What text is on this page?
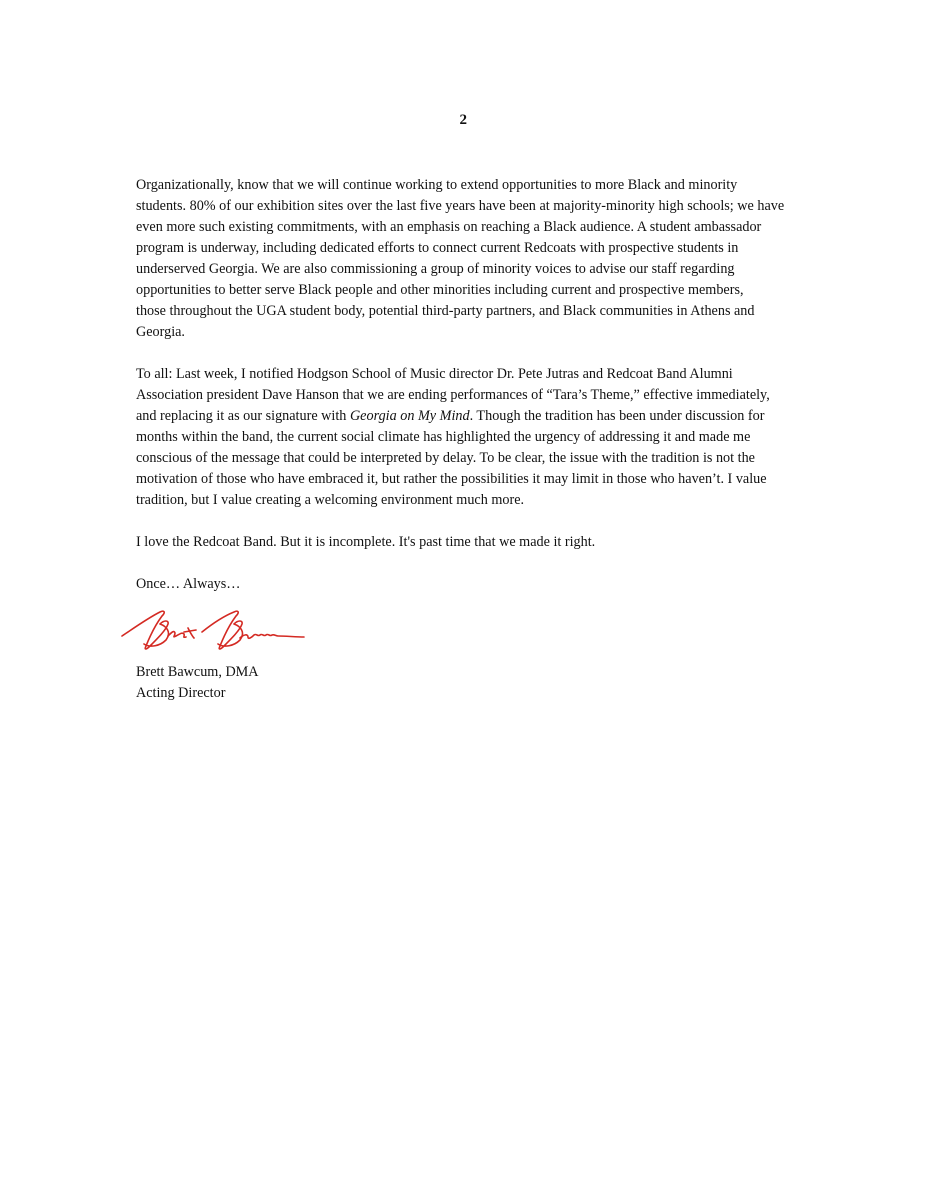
2

Organizationally, know that we will continue working to extend opportunities to more Black and minority
students. 80% of our exhibition sites over the last five years have been at majority-minority high schools; we have
even more such existing commitments, with an emphasis on reaching a Black audience. A student ambassador
program is underway, including dedicated efforts to connect current Redcoats with prospective students in
underserved Georgia. We are also commissioning a group of minority voices to advise our staff regarding
opportunities to better serve Black people and other minorities including current and prospective members,
those throughout the UGA student body, potential third-party partners, and Black communities in Athens and
Georgia.

To all: Last week, I notified Hodgson School of Music director Dr. Pete Jutras and Redcoat Band Alumni
Association president Dave Hanson that we are ending performances of “Tara’s Theme,” effective immediately,
and replacing it as our signature with Georgia on My Mind. Though the tradition has been under discussion for
months within the band, the current social climate has highlighted the urgency of addressing it and made me
conscious of the message that could be interpreted by delay. To be clear, the issue with the tradition is not the
motivation of those who have embraced it, but rather the possibilities it may limit in those who haven’t. I value
tradition, but I value creating a welcoming environment much more.

I love the Redcoat Band. But it is incomplete. It's past time that we made it right.

Once… Always…

Brett Bawcum, DMA
Acting Director
